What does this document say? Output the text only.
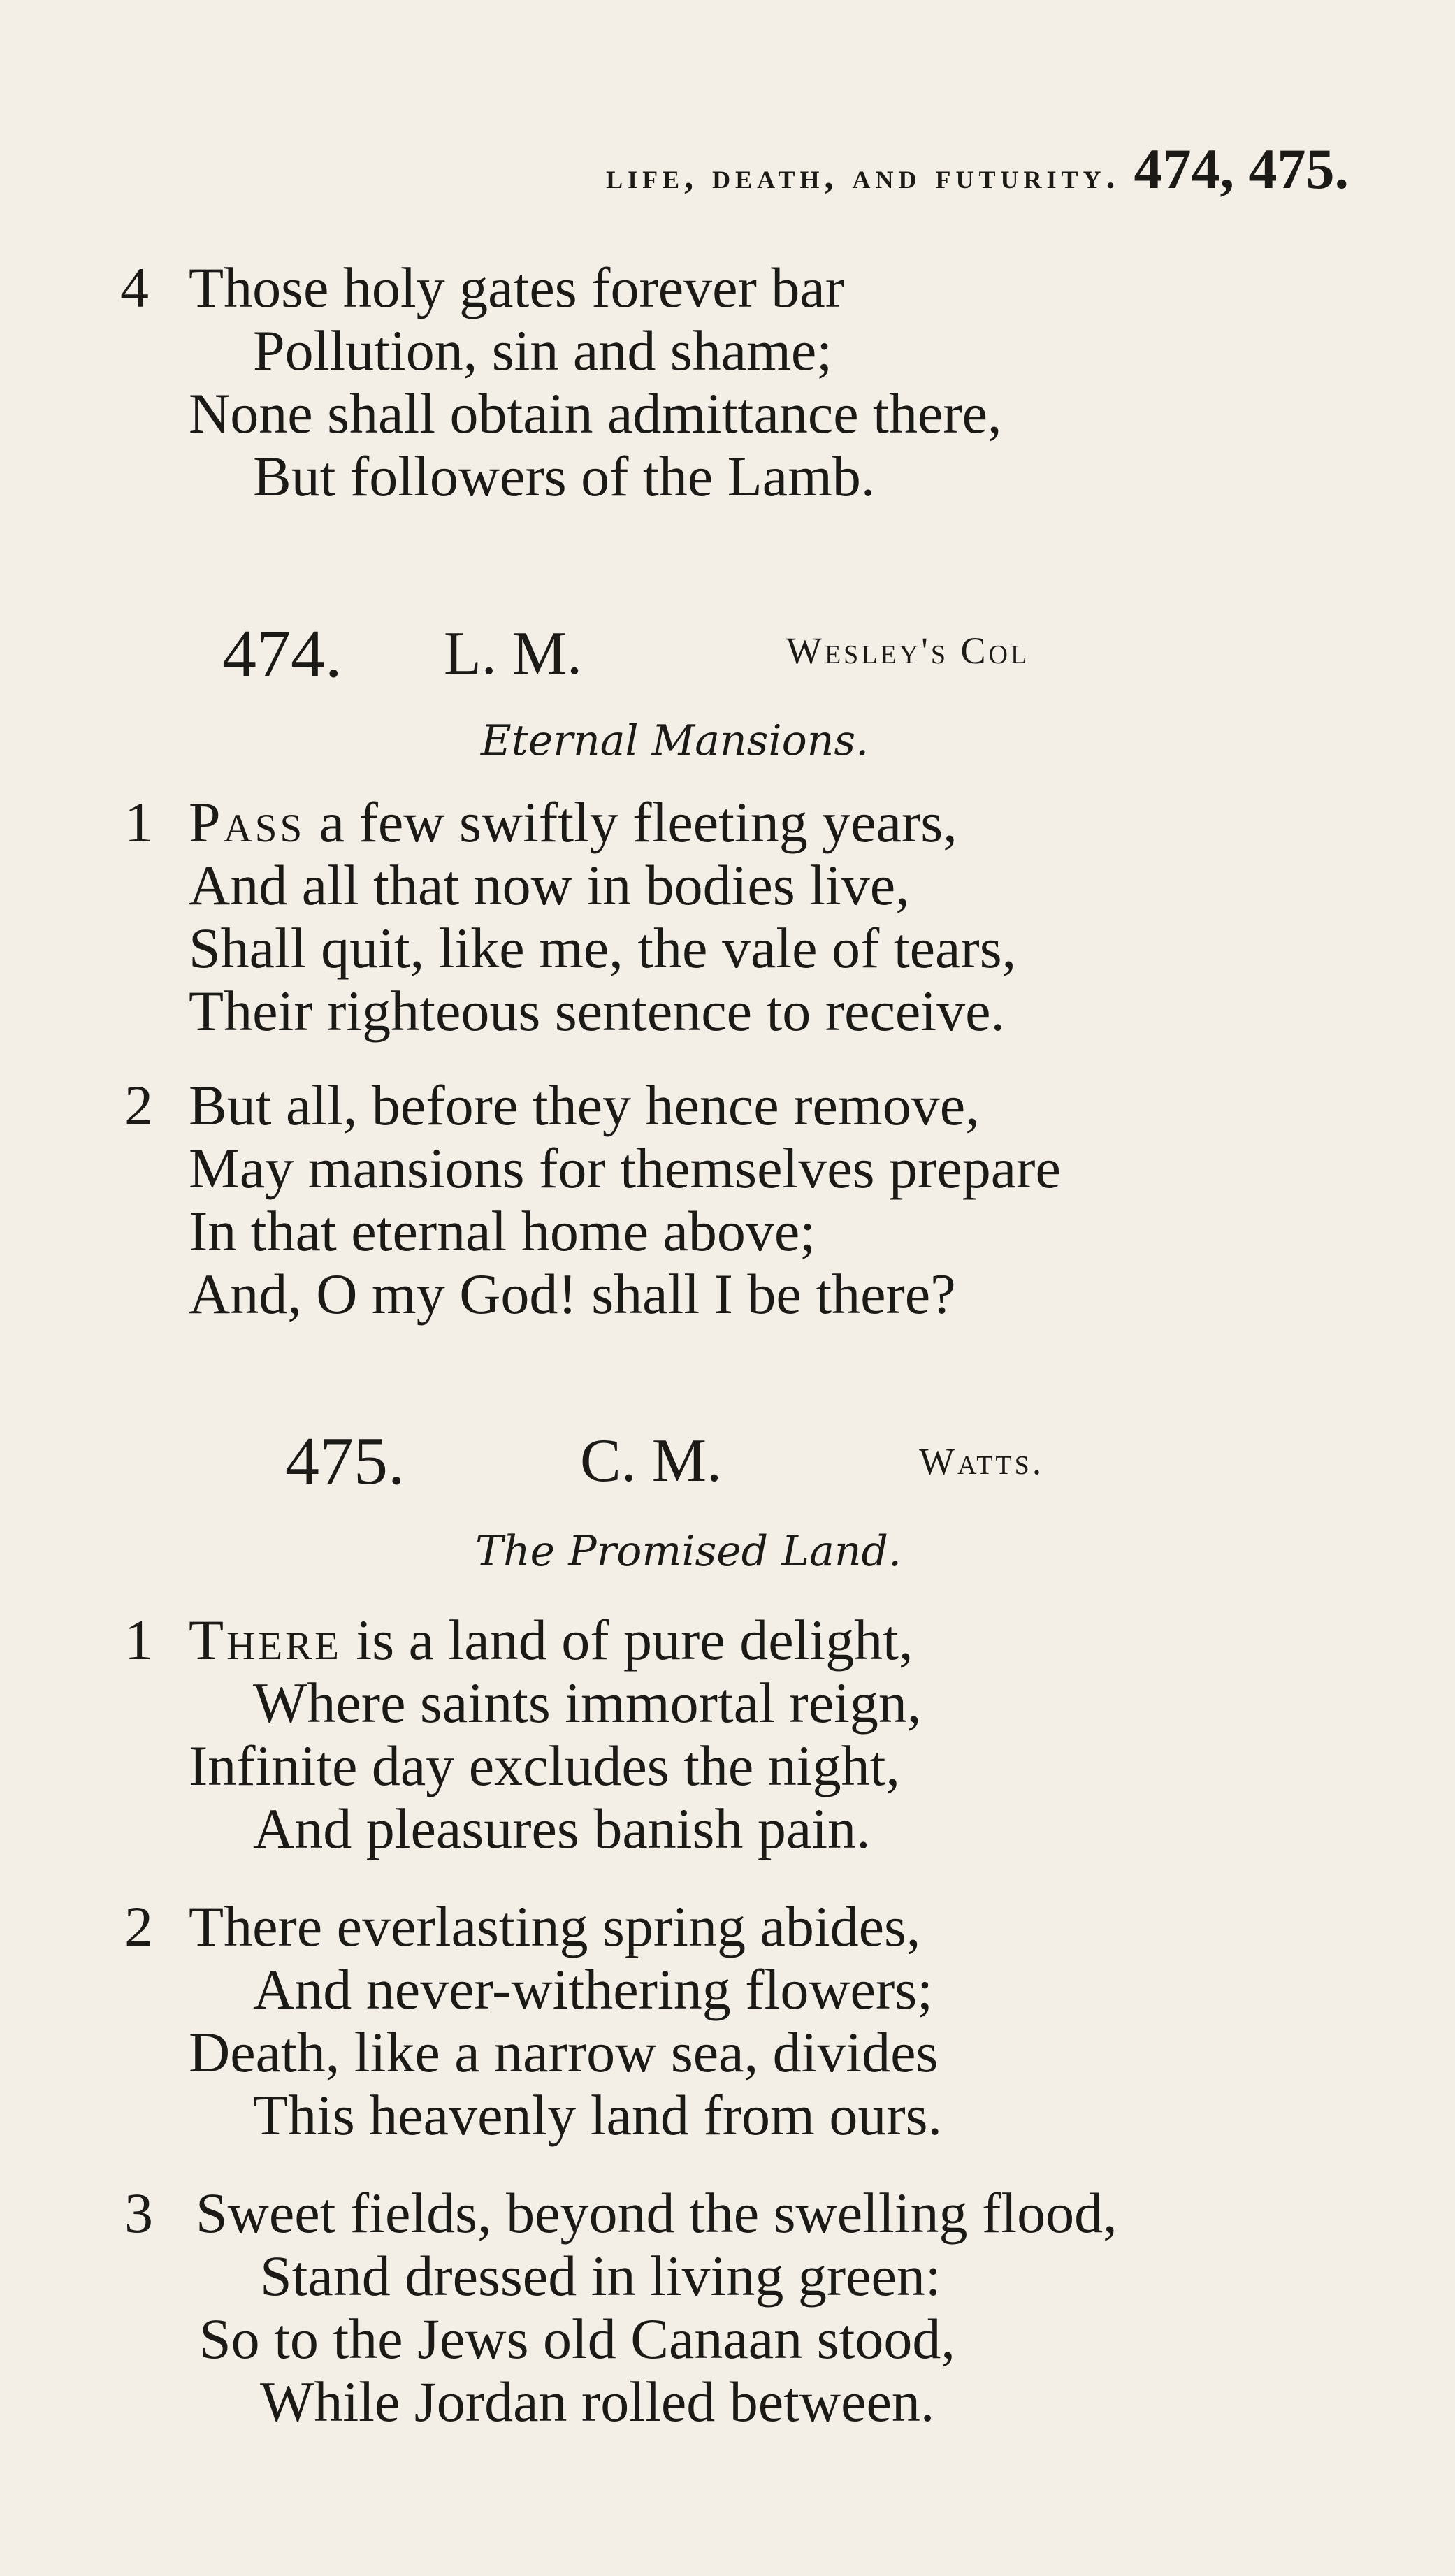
life, death, and futurity. 474, 475.
4 Those holy gates forever bar
Pollution, sin and shame;
None shall obtain admittance there,
But followers of the Lamb.
474. L. M.	Wesley's Col
Eternal Mansions.
1 Pass a few swiftly fleeting years,
And all that now in bodies live,
Shall quit, like me, the vale of tears,
Their righteous sentence to receive.
2 But all, before they hence remove,
May mansions for themselves prepare
In that eternal home above;
And, O my God! shall I be there?
475.	C. M.	Watts.
The Promised Land.
1 There is a land of pure delight,
Where saints immortal reign,
Infinite day excludes the night,
And pleasures banish pain.
2 There everlasting spring abides,
And never-withering flowers;
Death, like a narrow sea, divides
This heavenly land from ours.
3 Sweet fields, beyond the swelling flood,
Stand dressed in living green:
So to the Jews old Canaan stood,
While Jordan rolled between.
